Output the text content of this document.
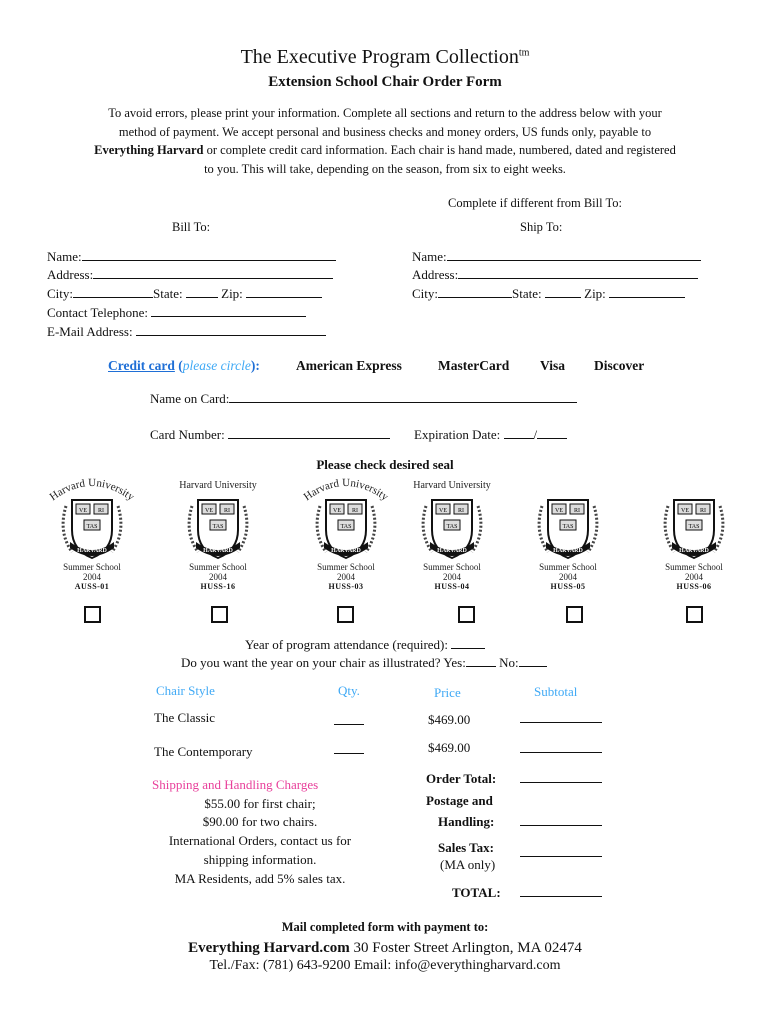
The Executive Program Collection$^{tm}$
Extension School Chair Order Form
To avoid errors, please print your information. Complete all sections and return to the address below with your
method of payment. We accept personal and business checks and money orders, US funds only, payable to
Everything Harvard or complete credit card information. Each chair is hand made, numbered, dated and registered
to you. This will take, depending on the season, from six to eight weeks.
Complete if different from Bill To:
Bill To:	Ship To:
Name:
Address:
City:	State:	Zip:
Contact Telephone:
E-Mail Address:
Name:
Address:
City:	State:	Zip:
Credit card (please circle):	American Express	MasterCard Visa Discover
Name on Card:
Card Number:	Expiration Date:	/
Please check desired seal
Harvard University
VE RI
TAS
HARVARD
Summer School
2004
AUSS-01
Harvard University
VE RI
TAS
HARVARD
Summer School
2004
HUSS-16
Harvard University
VE RI
TAS
HARVARD
Summer School
2004
HUSS-03
Harvard University
VE RI
TAS
HARVARD
Summer School
2004
HUSS-04
VE RI
TAS
HARVARD
Summer School
2004
HUSS-05
VE RI
TAS
HARVARD
Summer School
2004
HUSS-06
Year of program attendance (required):
Do you want the year on your chair as illustrated? Yes:	No:
Chair Style	Qty.	Price	Subtotal
The Classic	$469.00
The Contemporary	$469.00
Shipping and Handling Charges
$55.00 for first chair;
$90.00 for two chairs.
International Orders, contact us for
shipping information.
MA Residents, add 5% sales tax.
Order Total:
Postage and
Handling:
Sales Tax:
(MA only)
TOTAL:
Mail completed form with payment to:
Everything Harvard.com 30 Foster Street Arlington, MA 02474
Tel./Fax: (781) 643-9200 Email: info@everythingharvard.com
